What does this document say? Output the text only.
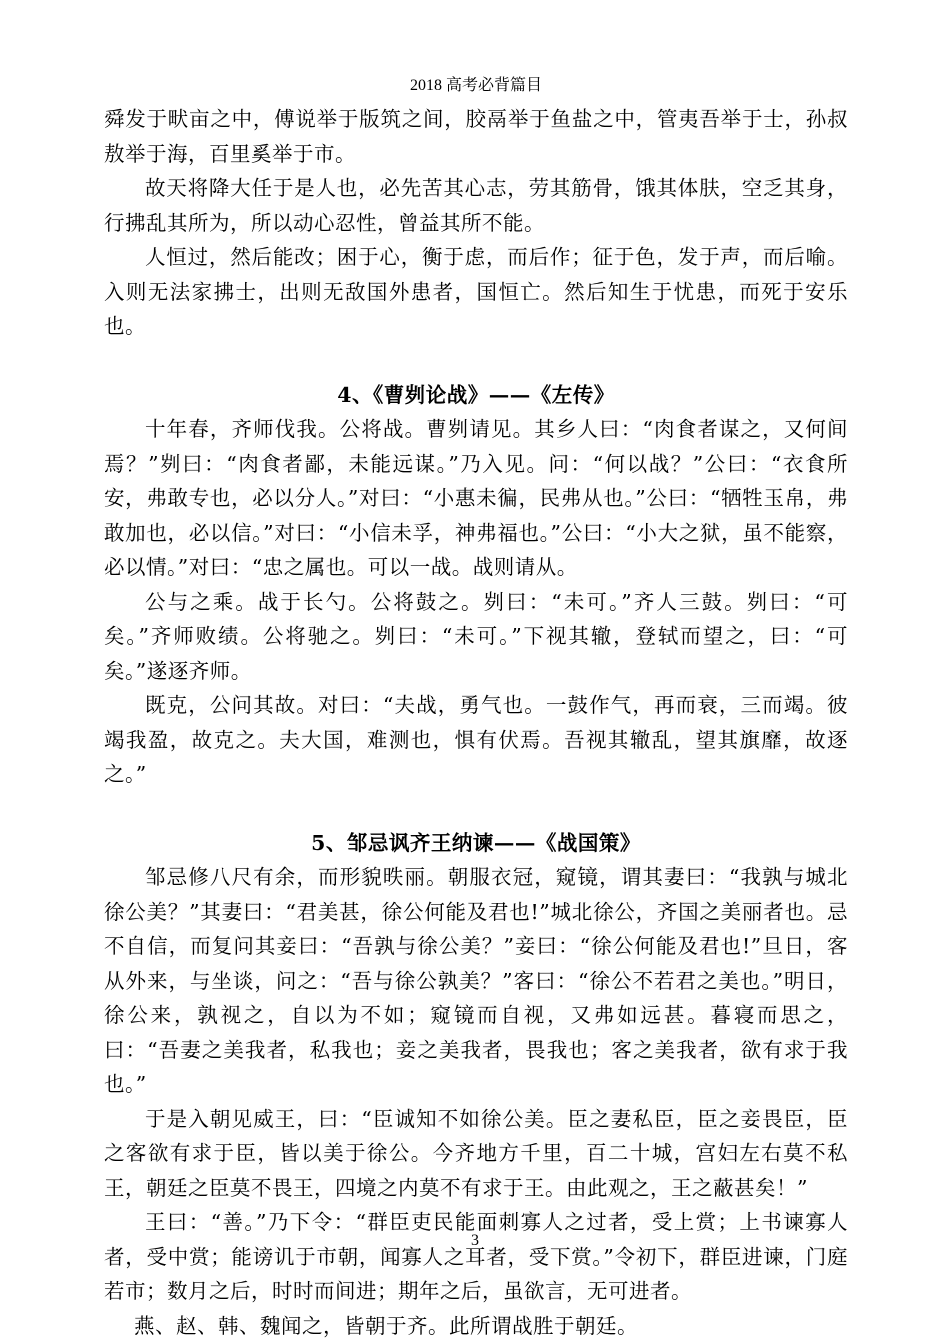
2018 高考必背篇目

舜发于畎亩之中，傅说举于版筑之间，胶鬲举于鱼盐之中，管夷吾举于士，孙叔敖举于海，百里奚举于市。

故天将降大任于是人也，必先苦其心志，劳其筋骨，饿其体肤，空乏其身，行拂乱其所为，所以动心忍性，曾益其所不能。

人恒过，然后能改；困于心，衡于虑，而后作；征于色，发于声，而后喻。入则无法家拂士，出则无敌国外患者，国恒亡。然后知生于忧患，而死于安乐也。

4、《曹刿论战》——《左传》

十年春，齐师伐我。公将战。曹刿请见。其乡人曰：“肉食者谋之，又何间焉？”刿曰：“肉食者鄙，未能远谋。”乃入见。问：“何以战？”公曰：“衣食所安，弗敢专也，必以分人。”对曰：“小惠未徧，民弗从也。”公曰：“牺牲玉帛，弗敢加也，必以信。”对曰：“小信未孚，神弗福也。”公曰：“小大之狱，虽不能察，必以情。”对曰：“忠之属也。可以一战。战则请从。

公与之乘。战于长勺。公将鼓之。刿曰：“未可。”齐人三鼓。刿曰：“可矣。”齐师败绩。公将驰之。刿曰：“未可。”下视其辙，登轼而望之，曰：“可矣。”遂逐齐师。

既克，公问其故。对曰：“夫战，勇气也。一鼓作气，再而衰，三而竭。彼竭我盈，故克之。夫大国，难测也，惧有伏焉。吾视其辙乱，望其旗靡，故逐之。”

5、邹忌讽齐王纳谏——《战国策》

邹忌修八尺有余，而形貌昳丽。朝服衣冠，窥镜，谓其妻曰：“我孰与城北徐公美？”其妻曰：“君美甚，徐公何能及君也!”城北徐公，齐国之美丽者也。忌不自信，而复问其妾曰：“吾孰与徐公美？”妾曰：“徐公何能及君也!”旦日，客从外来，与坐谈，问之：“吾与徐公孰美？”客曰：“徐公不若君之美也。”明日，徐公来，孰视之，自以为不如；窥镜而自视，又弗如远甚。暮寝而思之，曰：“吾妻之美我者，私我也；妾之美我者，畏我也；客之美我者，欲有求于我也。”

于是入朝见威王，曰：“臣诚知不如徐公美。臣之妻私臣，臣之妾畏臣，臣之客欲有求于臣，皆以美于徐公。今齐地方千里，百二十城，宫妇左右莫不私王，朝廷之臣莫不畏王，四境之内莫不有求于王。由此观之，王之蔽甚矣！”

王曰：“善。”乃下令：“群臣吏民能面刺寡人之过者，受上赏；上书谏寡人者，受中赏；能谤讥于市朝，闻寡人之耳者，受下赏。”令初下，群臣进谏，门庭若市；数月之后，时时而间进；期年之后，虽欲言，无可进者。

燕、赵、韩、魏闻之，皆朝于齐。此所谓战胜于朝廷。

3
